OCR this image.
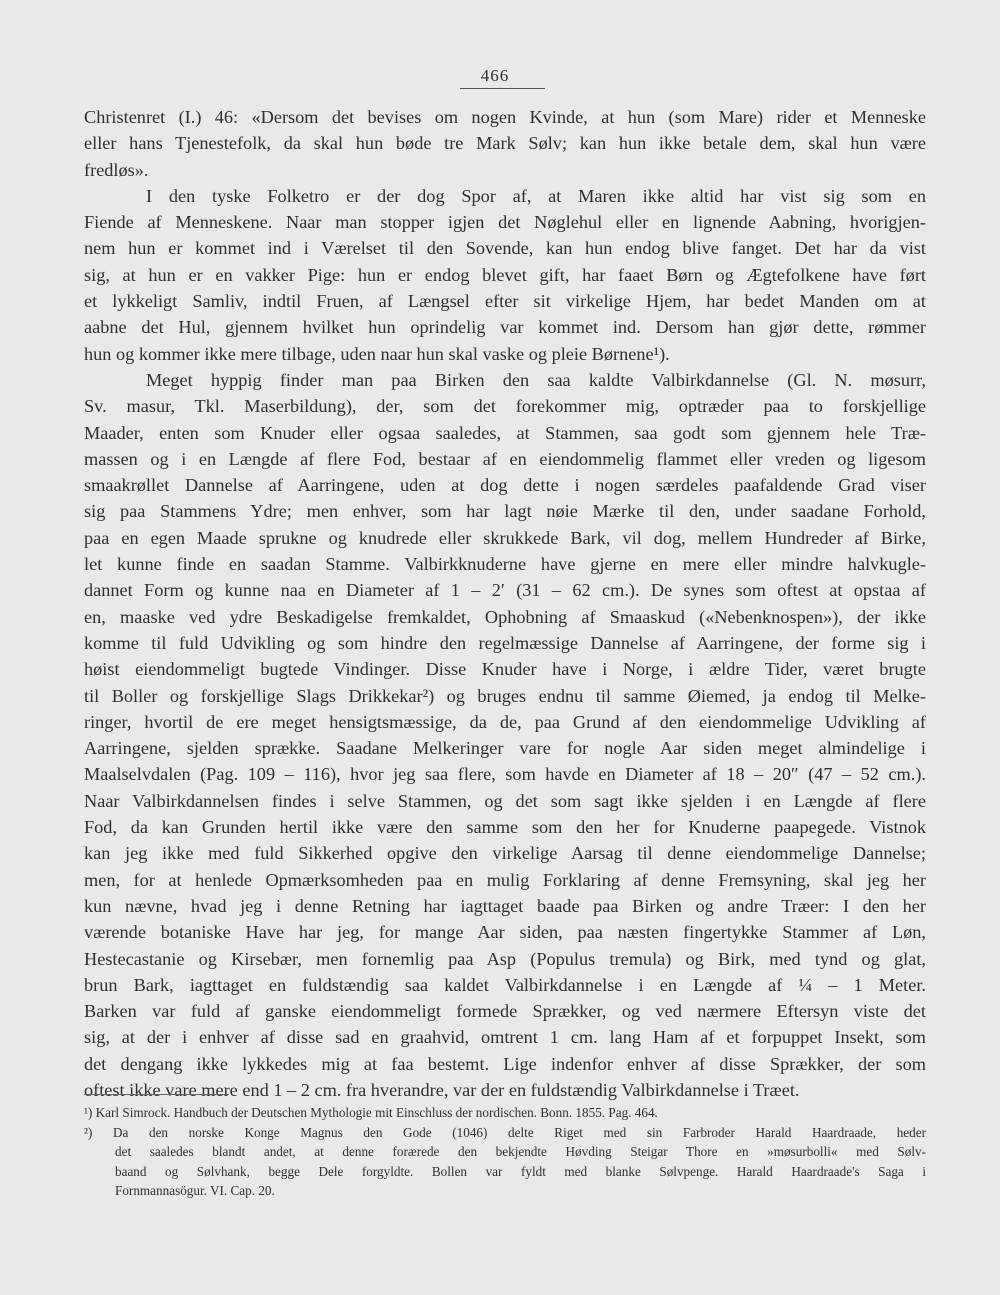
466
Christenret (I.) 46: «Dersom det bevises om nogen Kvinde, at hun (som Mare) rider et Menneske
eller hans Tjenestefolk, da skal hun bøde tre Mark Sølv; kan hun ikke betale dem, skal hun være
fredløs».
I den tyske Folketro er der dog Spor af, at Maren ikke altid har vist sig som en
Fiende af Menneskene. Naar man stopper igjen det Nøglehul eller en lignende Aabning, hvorigjen-
nem hun er kommet ind i Værelset til den Sovende, kan hun endog blive fanget. Det har da vist
sig, at hun er en vakker Pige: hun er endog blevet gift, har faaet Børn og Ægtefolkene have ført
et lykkeligt Samliv, indtil Fruen, af Længsel efter sit virkelige Hjem, har bedet Manden om at
aabne det Hul, gjennem hvilket hun oprindelig var kommet ind. Dersom han gjør dette, rømmer
hun og kommer ikke mere tilbage, uden naar hun skal vaske og pleie Børnene¹).
Meget hyppig finder man paa Birken den saa kaldte Valbirkdannelse (Gl. N. møsurr,
Sv. masur, Tkl. Maserbildung), der, som det forekommer mig, optræder paa to forskjellige
Maader, enten som Knuder eller ogsaa saaledes, at Stammen, saa godt som gjennem hele Træ-
massen og i en Længde af flere Fod, bestaar af en eiendommelig flammet eller vreden og ligesom
smaakrøllet Dannelse af Aarringene, uden at dog dette i nogen særdeles paafaldende Grad viser
sig paa Stammens Ydre; men enhver, som har lagt nøie Mærke til den, under saadane Forhold,
paa en egen Maade sprukne og knudrede eller skrukkede Bark, vil dog, mellem Hundreder af Birke,
let kunne finde en saadan Stamme. Valbirkknuderne have gjerne en mere eller mindre halvkugle-
dannet Form og kunne naa en Diameter af 1 – 2′ (31 – 62 cm.). De synes som oftest at opstaa af
en, maaske ved ydre Beskadigelse fremkaldet, Ophobning af Smaaskud («Nebenknospen»), der ikke
komme til fuld Udvikling og som hindre den regelmæssige Dannelse af Aarringene, der forme sig i
høist eiendommeligt bugtede Vindinger. Disse Knuder have i Norge, i ældre Tider, været brugte
til Boller og forskjellige Slags Drikkekar²) og bruges endnu til samme Øiemed, ja endog til Melke-
ringer, hvortil de ere meget hensigtsmæssige, da de, paa Grund af den eiendommelige Udvikling af
Aarringene, sjelden sprække. Saadane Melkeringer vare for nogle Aar siden meget almindelige i
Maalselvdalen (Pag. 109 – 116), hvor jeg saa flere, som havde en Diameter af 18 – 20″ (47 – 52 cm.).
Naar Valbirkdannelsen findes i selve Stammen, og det som sagt ikke sjelden i en Længde af flere
Fod, da kan Grunden hertil ikke være den samme som den her for Knuderne paapegede. Vistnok
kan jeg ikke med fuld Sikkerhed opgive den virkelige Aarsag til denne eiendommelige Dannelse;
men, for at henlede Opmærksomheden paa en mulig Forklaring af denne Fremsyning, skal jeg her
kun nævne, hvad jeg i denne Retning har iagttaget baade paa Birken og andre Træer: I den her
værende botaniske Have har jeg, for mange Aar siden, paa næsten fingertykke Stammer af Løn,
Hestecastanie og Kirsebær, men fornemlig paa Asp (Populus tremula) og Birk, med tynd og glat,
brun Bark, iagttaget en fuldstændig saa kaldet Valbirkdannelse i en Længde af ¼ – 1 Meter.
Barken var fuld af ganske eiendommeligt formede Sprækker, og ved nærmere Eftersyn viste det
sig, at der i enhver af disse sad en graahvid, omtrent 1 cm. lang Ham af et forpuppet Insekt, som
det dengang ikke lykkedes mig at faa bestemt. Lige indenfor enhver af disse Sprækker, der som
oftest ikke vare mere end 1 – 2 cm. fra hverandre, var der en fuldstændig Valbirkdannelse i Træet.
¹) Karl Simrock. Handbuch der Deutschen Mythologie mit Einschluss der nordischen. Bonn. 1855. Pag. 464.
²) Da den norske Konge Magnus den Gode (1046) delte Riget med sin Farbroder Harald Haardraade, heder
det saaledes blandt andet, at denne forærede den bekjendte Høvding Steigar Thore en »møsurbolli« med Sølv-
baand og Sølvhank, begge Dele forgyldte. Bollen var fyldt med blanke Sølvpenge. Harald Haardraade's Saga i
Fornmannasögur. VI. Cap. 20.
